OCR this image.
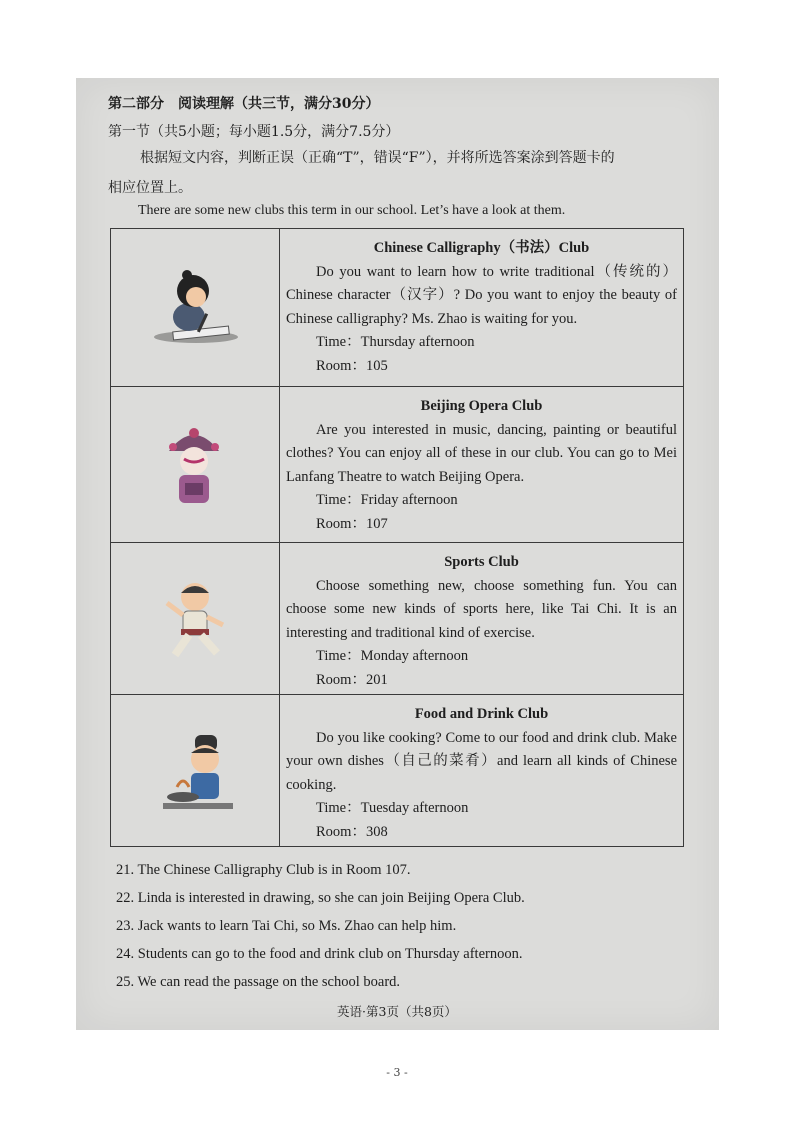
第二部分　阅读理解（共三节，满分30分）
第一节（共5小题；每小题1.5分，满分7.5分）
根据短文内容，判断正误（正确“T”，错误“F”），并将所选答案涂到答题卡的
相应位置上。
There are some new clubs this term in our school. Let’s have a look at them.

Chinese Calligraphy（书法）Club
Do you want to learn how to write traditional（传统的）Chinese character（汉字）? Do you want to enjoy the beauty of Chinese calligraphy? Ms. Zhao is waiting for you.
Time：Thursday afternoon
Room：105

Beijing Opera Club
Are you interested in music, dancing, painting or beautiful clothes? You can enjoy all of these in our club. You can go to Mei Lanfang Theatre to watch Beijing Opera.
Time：Friday afternoon
Room：107

Sports Club
Choose something new, choose something fun. You can choose some new kinds of sports here, like Tai Chi. It is an interesting and traditional kind of exercise.
Time：Monday afternoon
Room：201

Food and Drink Club
Do you like cooking? Come to our food and drink club. Make your own dishes（自己的菜肴）and learn all kinds of Chinese cooking.
Time：Tuesday afternoon
Room：308
21. The Chinese Calligraphy Club is in Room 107.
22. Linda is interested in drawing, so she can join Beijing Opera Club.
23. Jack wants to learn Tai Chi, so Ms. Zhao can help him.
24. Students can go to the food and drink club on Thursday afternoon.
25. We can read the passage on the school board.
英语·第3页（共8页）
- 3 -
